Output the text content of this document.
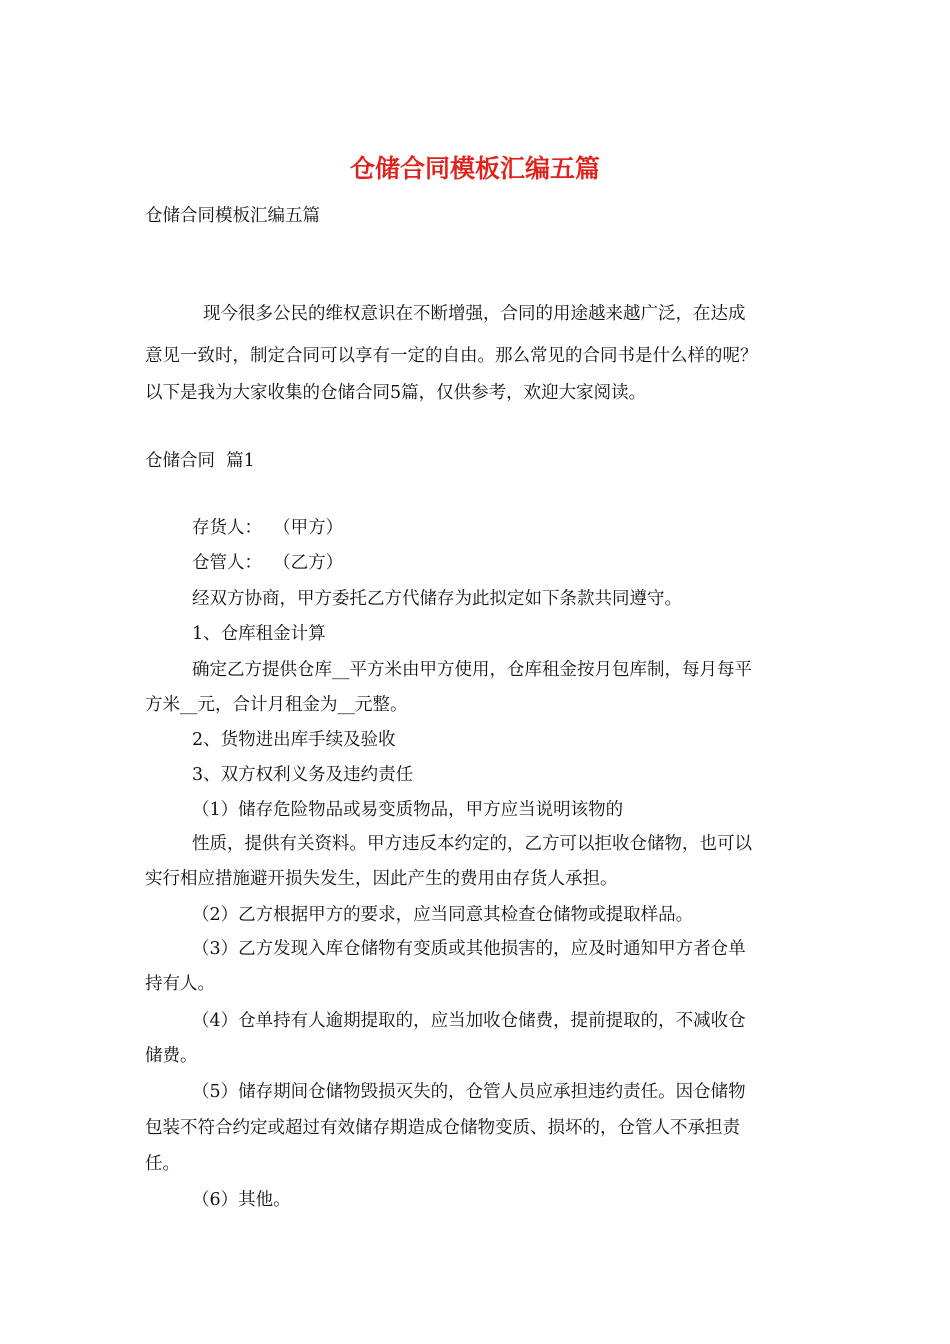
仓储合同模板汇编五篇
仓储合同模板汇编五篇
现今很多公民的维权意识在不断增强，合同的用途越来越广泛，在达成
意见一致时，制定合同可以享有一定的自由。那么常见的合同书是什么样的呢？
以下是我为大家收集的仓储合同5篇，仅供参考，欢迎大家阅读。
仓储合同  篇1
存货人：  （甲方）
仓管人：  （乙方）
经双方协商，甲方委托乙方代储存为此拟定如下条款共同遵守。
1、仓库租金计算
确定乙方提供仓库__平方米由甲方使用，仓库租金按月包库制，每月每平
方米__元，合计月租金为__元整。
2、货物进出库手续及验收
3、双方权利义务及违约责任
（1）储存危险物品或易变质物品，甲方应当说明该物的
性质，提供有关资料。甲方违反本约定的，乙方可以拒收仓储物，也可以
实行相应措施避开损失发生，因此产生的费用由存货人承担。
（2）乙方根据甲方的要求，应当同意其检查仓储物或提取样品。
（3）乙方发现入库仓储物有变质或其他损害的，应及时通知甲方者仓单
持有人。
（4）仓单持有人逾期提取的，应当加收仓储费，提前提取的，不减收仓
储费。
（5）储存期间仓储物毁损灭失的，仓管人员应承担违约责任。因仓储物
包装不符合约定或超过有效储存期造成仓储物变质、损坏的，仓管人不承担责
任。
（6）其他。
